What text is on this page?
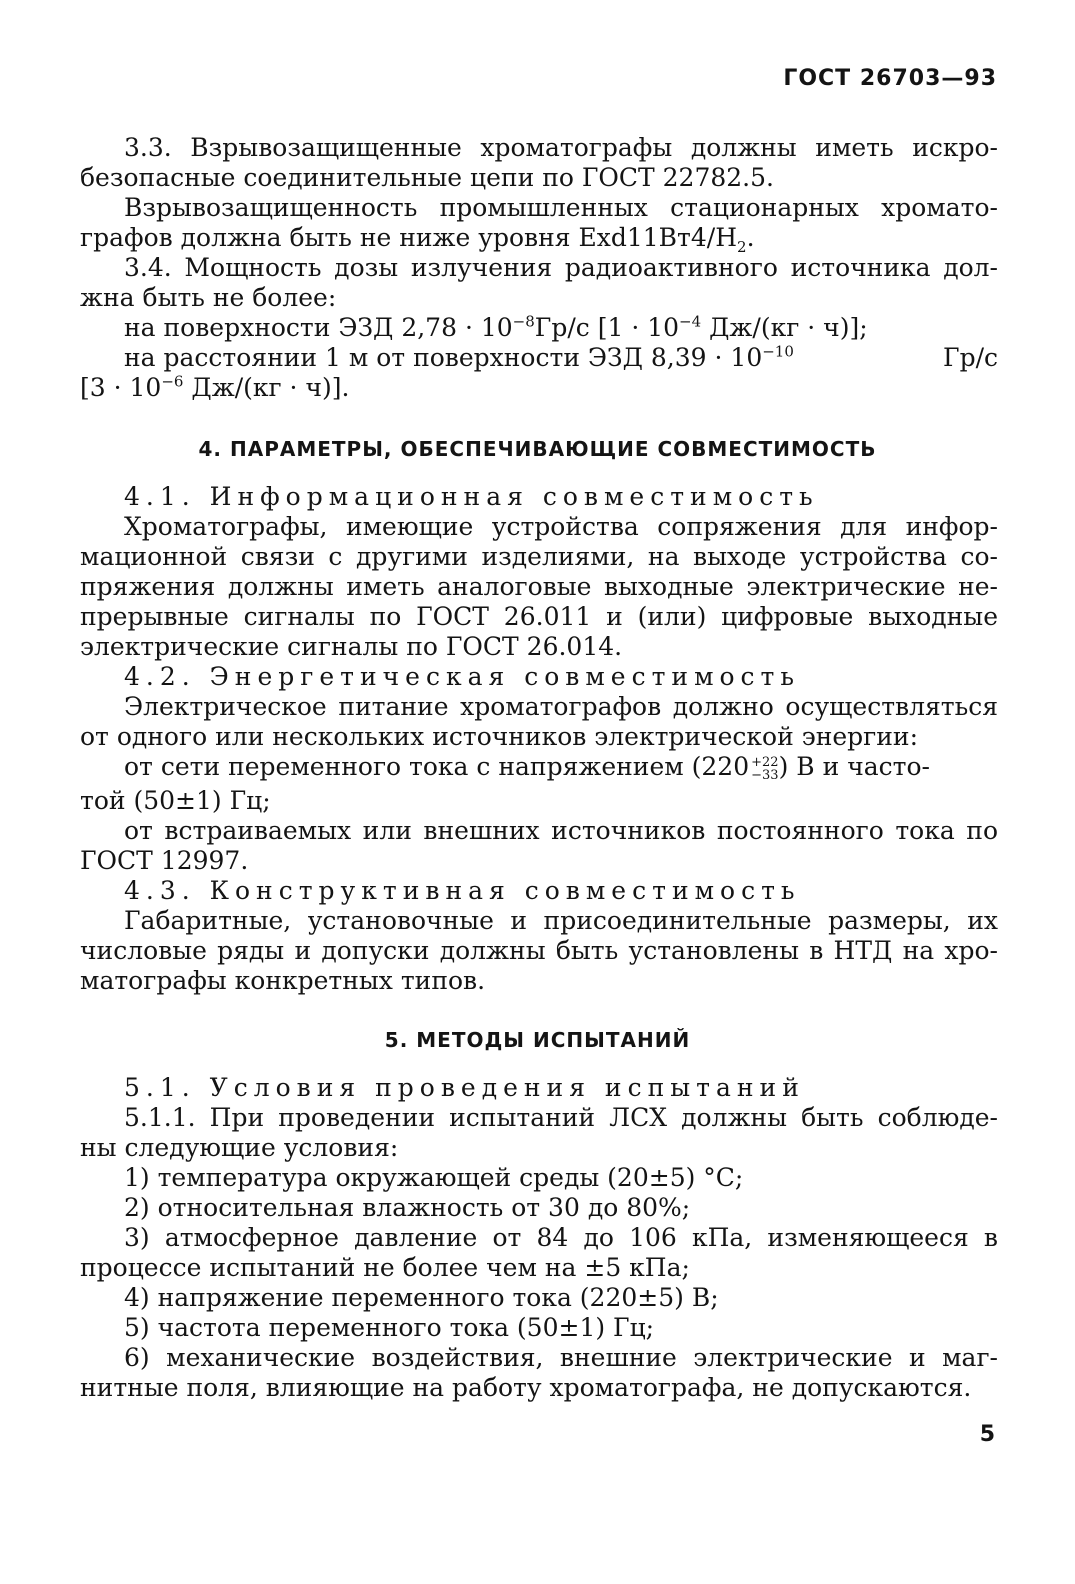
ГОСТ 26703—93
3.3. Взрывозащищенные хроматографы должны иметь искро-
безопасные соединительные цепи по ГОСТ 22782.5.
Взрывозащищенность промышленных стационарных хромато-
графов должна быть не ниже уровня $Exd11Вт4/H_2$.
3.4. Мощность дозы излучения радиоактивного источника дол-
жна быть не более:
на поверхности ЭЗД $2,78 \cdot 10^{-8}Гр/с$ [$1 \cdot 10^{-4}$ Дж/(кг · ч)];
на расстоянии 1 м от поверхности ЭЗД $8,39 \cdot 10^{-10}$	Гр/с
[$3 \cdot 10^{-6}$ Дж/(кг · ч)].
4. ПАРАМЕТРЫ, ОБЕСПЕЧИВАЮЩИЕ СОВМЕСТИМОСТЬ
4.1. Информационная совместимость
Хроматографы, имеющие устройства сопряжения для инфор-
мационной связи с другими изделиями, на выходе устройства со-
пряжения должны иметь аналоговые выходные электрические не-
прерывные сигналы по ГОСТ 26.011 и (или) цифровые выходные
электрические сигналы по ГОСТ 26.014.
4.2. Энергетическая совместимость
Электрическое питание хроматографов должно осуществляться
от одного или нескольких источников электрической энергии:
от сети переменного тока с напряжением (220 +22
−33 ) В и часто-
той (50±1) Гц;
от встраиваемых или внешних источников постоянного тока по
ГОСТ 12997.
4.3. Конструктивная совместимость
Габаритные, установочные и присоединительные размеры, их
числовые ряды и допуски должны быть установлены в НТД на хро-
матографы конкретных типов.
5. МЕТОДЫ ИСПЫТАНИЙ
5.1. Условия проведения испытаний
5.1.1. При проведении испытаний ЛСХ должны быть соблюде-
ны следующие условия:
1) температура окружающей среды (20±5) °С;
2) относительная влажность от 30 до 80%;
3) атмосферное давление от 84 до 106 кПа, изменяющееся в
процессе испытаний не более чем на ±5 кПа;
4) напряжение переменного тока (220±5) В;
5) частота переменного тока (50±1) Гц;
6) механические воздействия, внешние электрические и маг-
нитные поля, влияющие на работу хроматографа, не допускаются.
5
